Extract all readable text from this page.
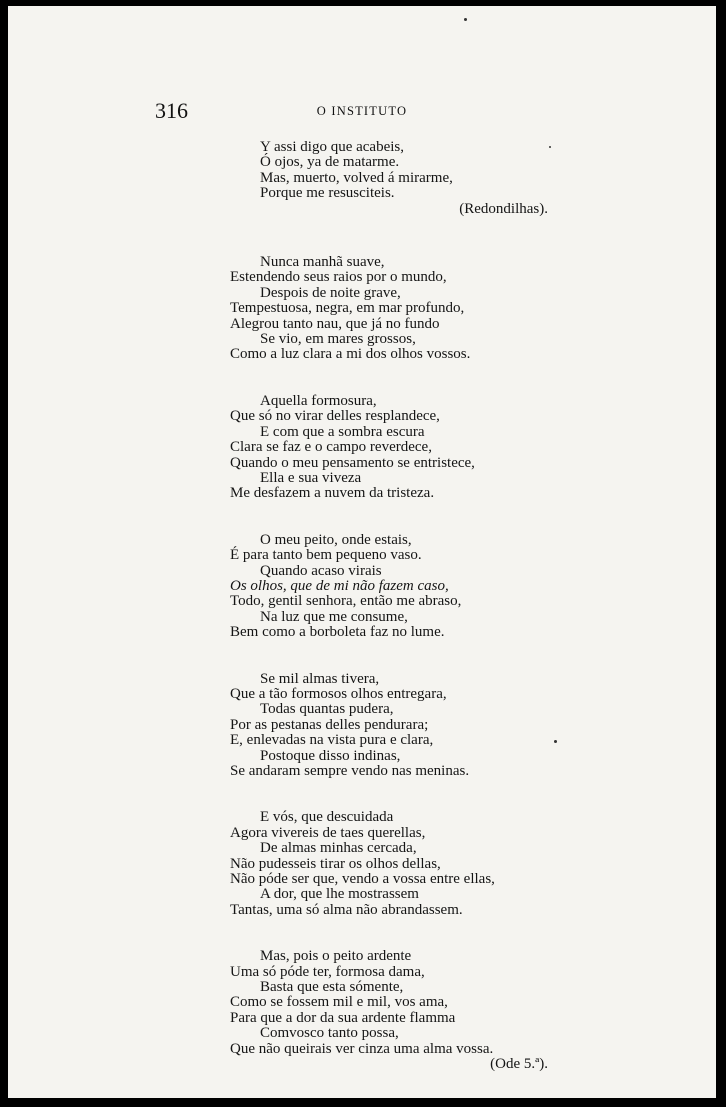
316	O INSTITUTO
Y assi digo que acabeis,
Ó ojos, ya de matarme.
Mas, muerto, volved á mirarme,
Porque me resusciteis.
(Redondilhas).
Nunca manhã suave,
Estendendo seus raios por o mundo,
Despois de noite grave,
Tempestuosa, negra, em mar profundo,
Alegrou tanto nau, que já no fundo
Se vio, em mares grossos,
Como a luz clara a mi dos olhos vossos.
Aquella formosura,
Que só no virar delles resplandece,
E com que a sombra escura
Clara se faz e o campo reverdece,
Quando o meu pensamento se entristece,
Ella e sua viveza
Me desfazem a nuvem da tristeza.
O meu peito, onde estais,
É para tanto bem pequeno vaso.
Quando acaso virais
Os olhos, que de mi não fazem caso,
Todo, gentil senhora, então me abraso,
Na luz que me consume,
Bem como a borboleta faz no lume.
Se mil almas tivera,
Que a tão formosos olhos entregara,
Todas quantas pudera,
Por as pestanas delles pendurara;
E, enlevadas na vista pura e clara,
Postoque disso indinas,
Se andaram sempre vendo nas meninas.
E vós, que descuidada
Agora vivereis de taes querellas,
De almas minhas cercada,
Não pudesseis tirar os olhos dellas,
Não póde ser que, vendo a vossa entre ellas,
A dor, que lhe mostrassem
Tantas, uma só alma não abrandassem.
Mas, pois o peito ardente
Uma só póde ter, formosa dama,
Basta que esta sómente,
Como se fossem mil e mil, vos ama,
Para que a dor da sua ardente flamma
Comvosco tanto possa,
Que não queirais ver cinza uma alma vossa.
(Ode 5.ª).
